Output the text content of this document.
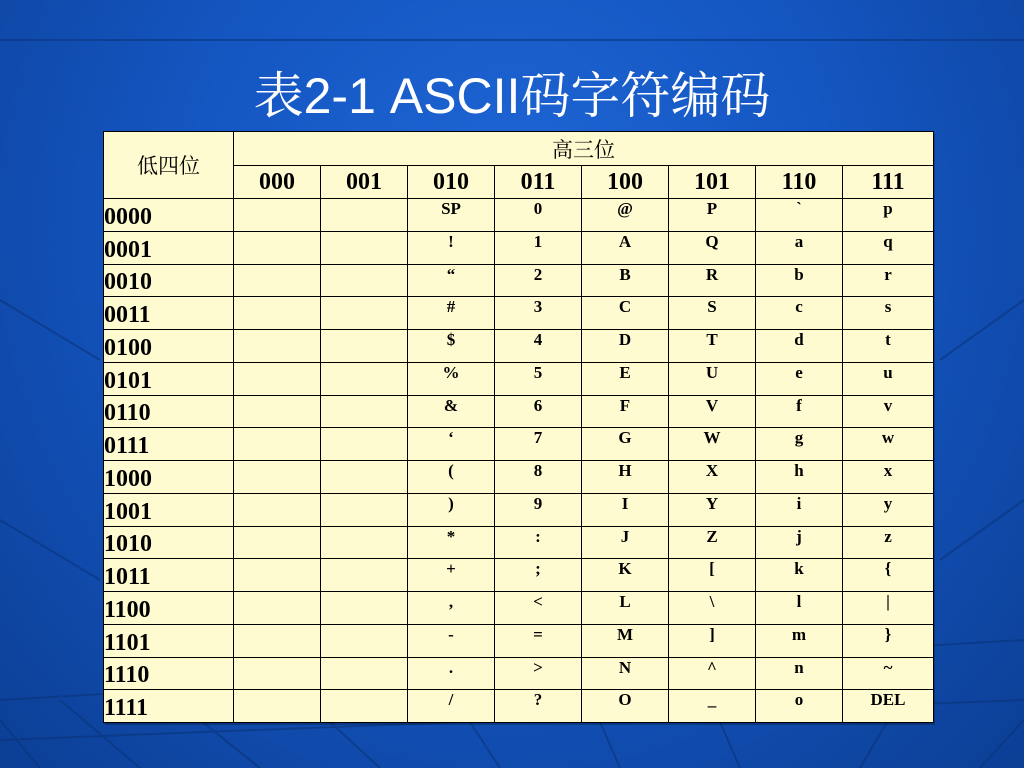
表2-1 ASCII码字符编码
低四位	高三位							
	000	001	010	011	100	101	110	111
0000			SP	0	@	P	`	p
0001			!	1	A	Q	a	q
0010			“	2	B	R	b	r
0011			#	3	C	S	c	s
0100			$	4	D	T	d	t
0101			%	5	E	U	e	u
0110			&	6	F	V	f	v
0111			‘	7	G	W	g	w
1000			(	8	H	X	h	x
1001			)	9	I	Y	i	y
1010			*	:	J	Z	j	z
1011			+	;	K	[	k	{
1100			,	<	L	\	l	|
1101			-	=	M	]	m	}
1110			.	>	N	^	n	~
1111			/	?	O	_	o	DEL
